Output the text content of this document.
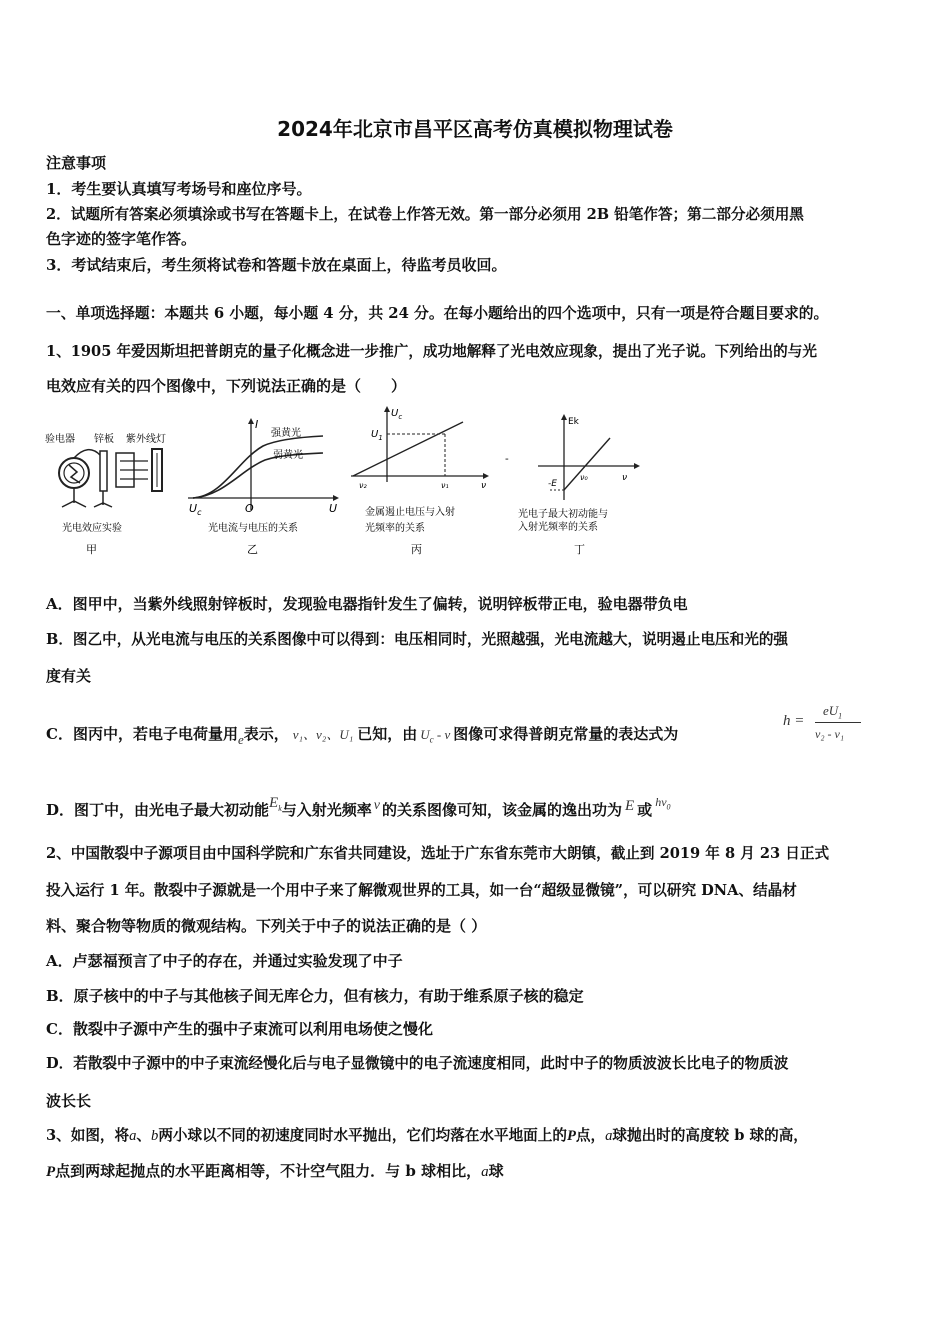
2024年北京市昌平区高考仿真模拟物理试卷
注意事项
1．考生要认真填写考场号和座位序号。
2．试题所有答案必须填涂或书写在答题卡上，在试卷上作答无效。第一部分必须用 2B 铅笔作答；第二部分必须用黑
色字迹的签字笔作答。
3．考试结束后，考生须将试卷和答题卡放在桌面上，待监考员收回。
一、单项选择题：本题共 6 小题，每小题 4 分，共 24 分。在每小题给出的四个选项中，只有一项是符合题目要求的。
1、1905 年爱因斯坦把普朗克的量子化概念进一步推广，成功地解释了光电效应现象，提出了光子说。下列给出的与光
电效应有关的四个图像中，下列说法正确的是（　　）
验电器 锌板 紫外线灯
光电效应实验
甲
I
U
O
$U_c$
强黄光
弱黄光
光电流与电压的关系
乙
$U_c$
$U_1$
ν₂	ν₁	ν
金属遏止电压与入射
光频率的关系
丙
-
Ek
-E
ν₀	ν
光电子最大初动能与
入射光频率的关系
丁
A．图甲中，当紫外线照射锌板时，发现验电器指针发生了偏转，说明锌板带正电，验电器带负电
B．图乙中，从光电流与电压的关系图像中可以得到：电压相同时，光照越强，光电流越大，说明遏止电压和光的强
度有关
C．图丙中，若电子电荷量用e表示， ν₁、ν₂、U₁ 已知，由 $U_c$ - ν 图像可求得普朗克常量的表达式为
h =
$eU_1$
ν₂ - ν₁
D．图丁中，由光电子最大初动能$E_k$与入射光频率 ν 的关系图像可知，该金属的逸出功为 E 或 $^{h\nu_0}$
2、中国散裂中子源项目由中国科学院和广东省共同建设，选址于广东省东莞市大朗镇，截止到 2019 年 8 月 23 日正式
投入运行 1 年。散裂中子源就是一个用中子来了解微观世界的工具，如一台“超级显微镜”，可以研究 DNA、结晶材
料、聚合物等物质的微观结构。下列关于中子的说法正确的是（ ）
A．卢瑟福预言了中子的存在，并通过实验发现了中子
B．原子核中的中子与其他核子间无库仑力，但有核力，有助于维系原子核的稳定
C．散裂中子源中产生的强中子束流可以利用电场使之慢化
D．若散裂中子源中的中子束流经慢化后与电子显微镜中的电子流速度相同，此时中子的物质波波长比电子的物质波
波长长
3、如图，将a、b两小球以不同的初速度同时水平抛出，它们均落在水平地面上的P点，a球抛出时的高度较 b 球的高，
P点到两球起抛点的水平距离相等，不计空气阻力．与 b 球相比，a球
